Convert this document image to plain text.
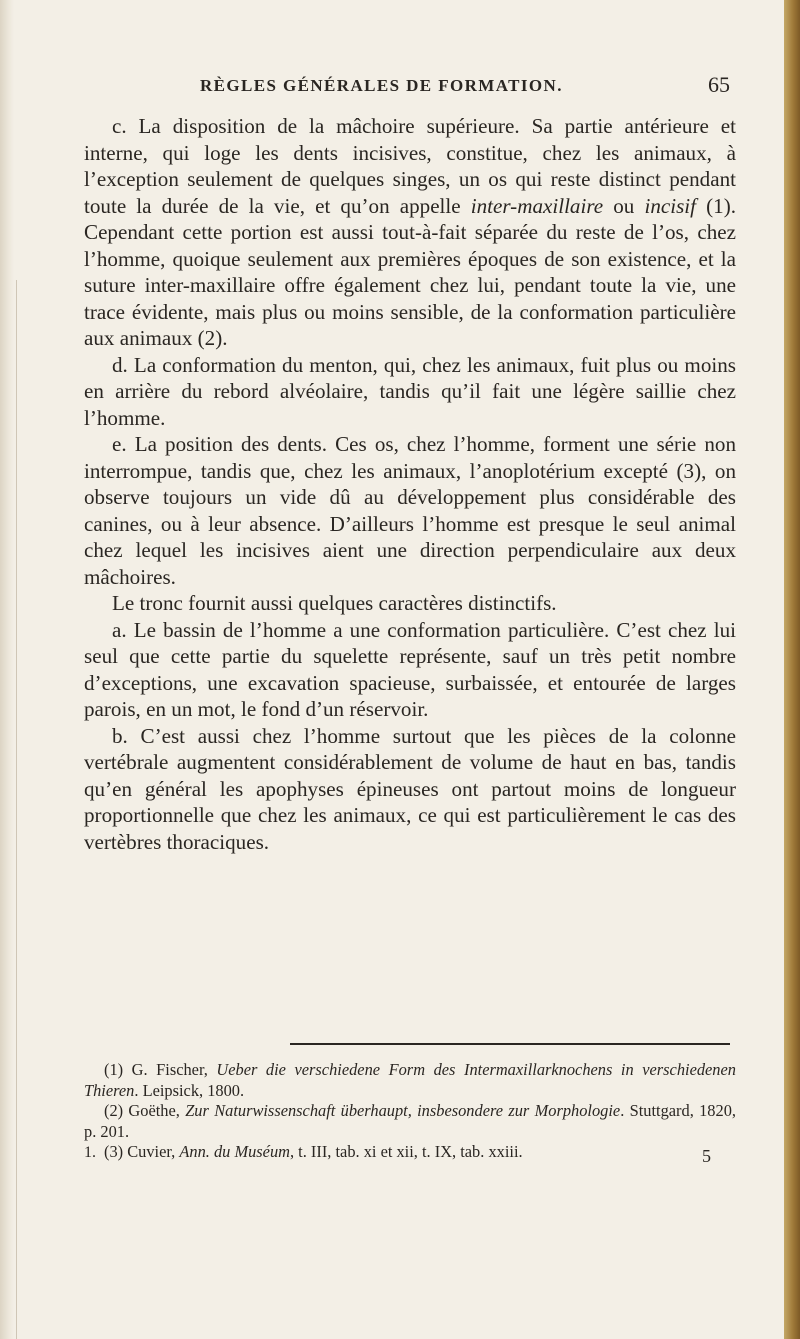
RÈGLES GÉNÉRALES DE FORMATION.	65

c. La disposition de la mâchoire supérieure. Sa partie antérieure et interne, qui loge les dents incisives, constitue, chez les animaux, à l’exception seulement de quelques singes, un os qui reste distinct pendant toute la durée de la vie, et qu’on appelle inter-maxillaire ou incisif (1). Cependant cette portion est aussi tout-à-fait séparée du reste de l’os, chez l’homme, quoique seulement aux premières époques de son existence, et la suture inter-maxillaire offre également chez lui, pendant toute la vie, une trace évidente, mais plus ou moins sensible, de la conformation particulière aux animaux (2).

d. La conformation du menton, qui, chez les animaux, fuit plus ou moins en arrière du rebord alvéolaire, tandis qu’il fait une légère saillie chez l’homme.

e. La position des dents. Ces os, chez l’homme, forment une série non interrompue, tandis que, chez les animaux, l’anoplotérium excepté (3), on observe toujours un vide dû au développement plus considérable des canines, ou à leur absence. D’ailleurs l’homme est presque le seul animal chez lequel les incisives aient une direction perpendiculaire aux deux mâchoires.

Le tronc fournit aussi quelques caractères distinctifs.

a. Le bassin de l’homme a une conformation particulière. C’est chez lui seul que cette partie du squelette représente, sauf un très petit nombre d’exceptions, une excavation spacieuse, surbaissée, et entourée de larges parois, en un mot, le fond d’un réservoir.

b. C’est aussi chez l’homme surtout que les pièces de la colonne vertébrale augmentent considérablement de volume de haut en bas, tandis qu’en général les apophyses épineuses ont partout moins de longueur proportionnelle que chez les animaux, ce qui est particulièrement le cas des vertèbres thoraciques.

(1) G. Fischer, Ueber die verschiedene Form des Intermaxillarknochens in verschiedenen Thieren. Leipsick, 1800.

(2) Goëthe, Zur Naturwissenschaft überhaupt, insbesondere zur Morphologie. Stuttgard, 1820, p. 201.

(3) Cuvier, Ann. du Muséum, t. III, tab. xi et xii, t. IX, tab. xxiii.

1.	5
